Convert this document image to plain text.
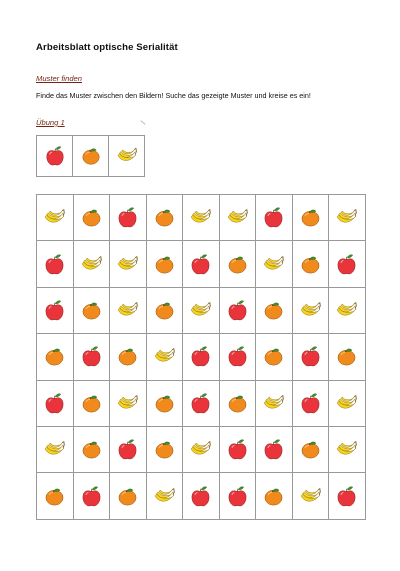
Arbeitsblatt optische Serialität
Muster finden
Finde das Muster zwischen den Bildern! Suche das gezeigte Muster und kreise es ein!
Übung 1
